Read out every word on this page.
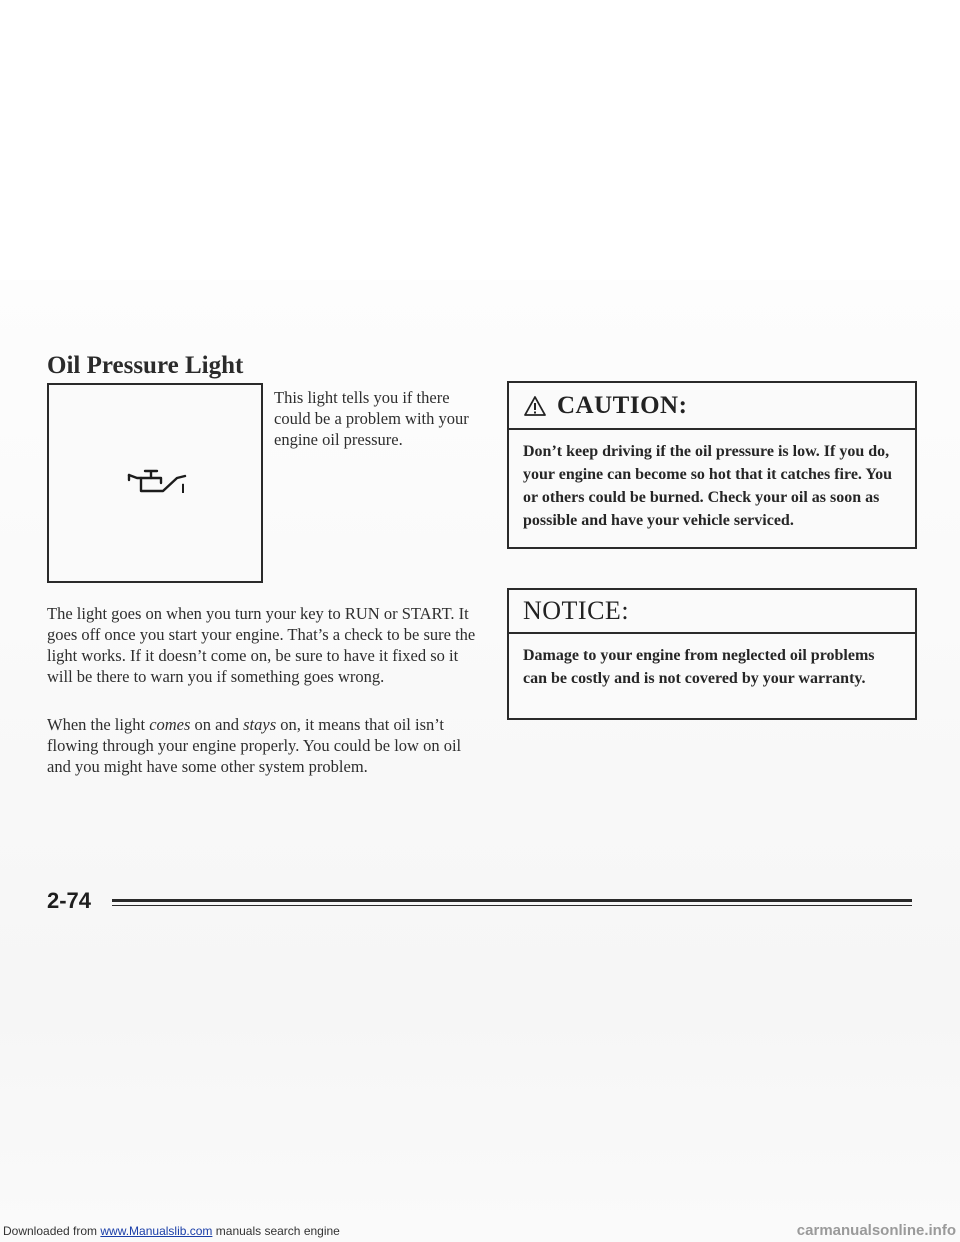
Oil Pressure Light

This light tells you if there could be a problem with your engine oil pressure.

The light goes on when you turn your key to RUN or START. It goes off once you start your engine. That’s a check to be sure the light works. If it doesn’t come on, be sure to have it fixed so it will be there to warn you if something goes wrong.

When the light comes on and stays on, it means that oil isn’t flowing through your engine properly. You could be low on oil and you might have some other system problem.

CAUTION:
Don’t keep driving if the oil pressure is low. If you do, your engine can become so hot that it catches fire. You or others could be burned. Check your oil as soon as possible and have your vehicle serviced.
NOTICE:
Damage to your engine from neglected oil problems can be costly and is not covered by your warranty.

2-74

Downloaded from www.Manualslib.com manuals search engine	carmanualsonline.info
